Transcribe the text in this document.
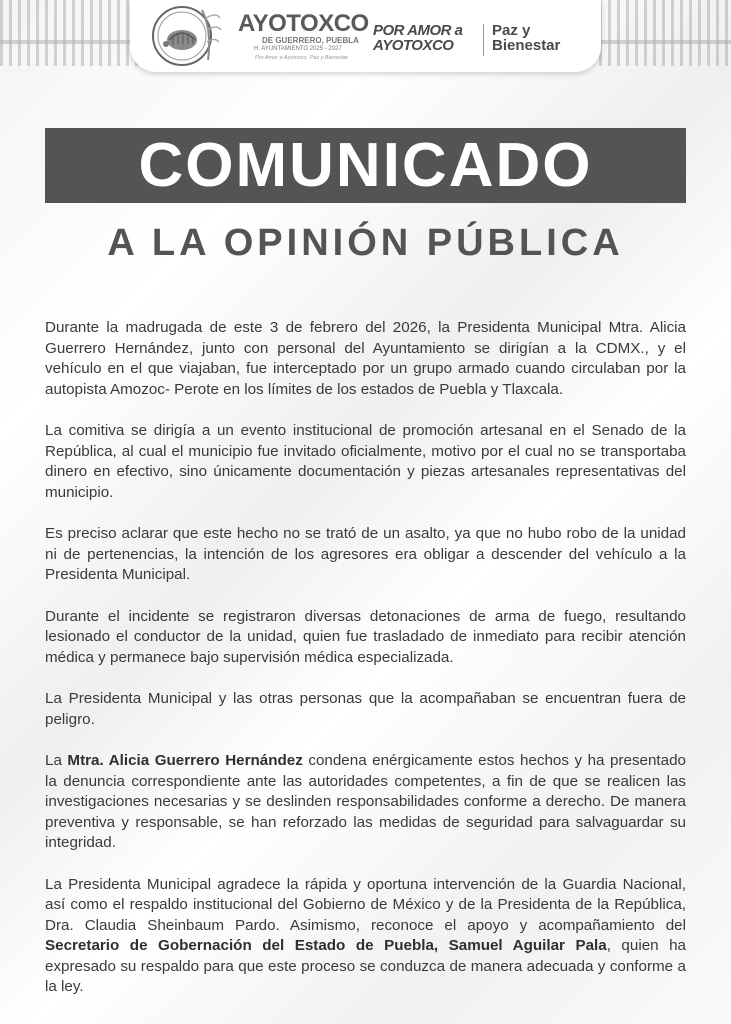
AYOTOXCO
DE GUERRERO, PUEBLA
H. AYUNTAMIENTO 2025 - 2027
Por Amor a Ayotoxco, Paz y Bienestar
POR AMOR a
AYOTOXCO
Paz y
Bienestar
COMUNICADO
A LA OPINIÓN PÚBLICA

Durante la madrugada de este 3 de febrero del 2026, la Presidenta Municipal Mtra. Alicia Guerrero Hernández, junto con personal del Ayuntamiento se dirigían a la CDMX., y el vehículo en el que viajaban, fue interceptado por un grupo armado cuando circulaban por la autopista Amozoc- Perote en los límites de los estados de Puebla y Tlaxcala.

La comitiva se dirigía a un evento institucional de promoción artesanal en el Senado de la República, al cual el municipio fue invitado oficialmente, motivo por el cual no se transportaba dinero en efectivo, sino únicamente documentación y piezas artesanales representativas del municipio.

Es preciso aclarar que este hecho no se trató de un asalto, ya que no hubo robo de la unidad ni de pertenencias, la intención de los agresores era obligar a descender del vehículo a la Presidenta Municipal.

Durante el incidente se registraron diversas detonaciones de arma de fuego, resultando lesionado el conductor de la unidad, quien fue trasladado de inmediato para recibir atención médica y permanece bajo supervisión médica especializada.

La Presidenta Municipal y las otras personas que la acompañaban se encuentran fuera de peligro.

La Mtra. Alicia Guerrero Hernández condena enérgicamente estos hechos y ha presentado la denuncia correspondiente ante las autoridades competentes, a fin de que se realicen las investigaciones necesarias y se deslinden responsabilidades conforme a derecho. De manera preventiva y responsable, se han reforzado las medidas de seguridad para salvaguardar su integridad.

La Presidenta Municipal agradece la rápida y oportuna intervención de la Guardia Nacional, así como el respaldo institucional del Gobierno de México y de la Presidenta de la República, Dra. Claudia Sheinbaum Pardo. Asimismo, reconoce el apoyo y acompañamiento del Secretario de Gobernación del Estado de Puebla, Samuel Aguilar Pala, quien ha expresado su respaldo para que este proceso se conduzca de manera adecuada y conforme a la ley.
